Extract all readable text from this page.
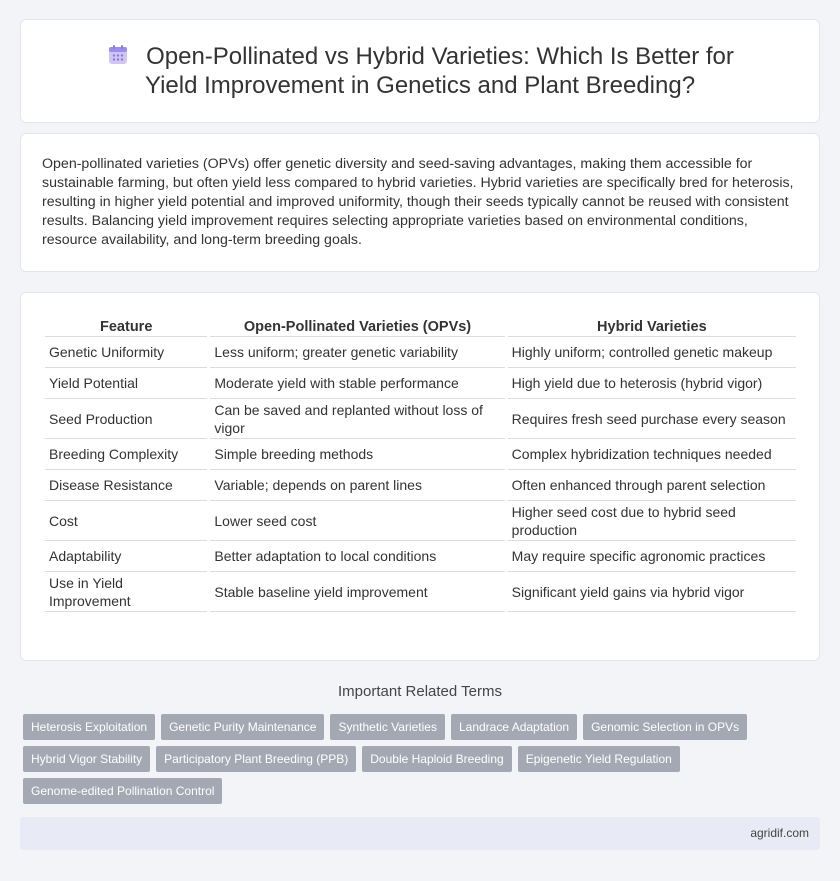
Open-Pollinated vs Hybrid Varieties: Which Is Better for Yield Improvement in Genetics and Plant Breeding?

Open-pollinated varieties (OPVs) offer genetic diversity and seed-saving advantages, making them accessible for sustainable farming, but often yield less compared to hybrid varieties. Hybrid varieties are specifically bred for heterosis, resulting in higher yield potential and improved uniformity, though their seeds typically cannot be reused with consistent results. Balancing yield improvement requires selecting appropriate varieties based on environmental conditions, resource availability, and long-term breeding goals.

Feature	Open-Pollinated Varieties (OPVs)	Hybrid Varieties
Genetic Uniformity	Less uniform; greater genetic variability	Highly uniform; controlled genetic makeup
Yield Potential	Moderate yield with stable performance	High yield due to heterosis (hybrid vigor)
Seed Production	Can be saved and replanted without loss of vigor	Requires fresh seed purchase every season
Breeding Complexity	Simple breeding methods	Complex hybridization techniques needed
Disease Resistance	Variable; depends on parent lines	Often enhanced through parent selection
Cost	Lower seed cost	Higher seed cost due to hybrid seed production
Adaptability	Better adaptation to local conditions	May require specific agronomic practices
Use in Yield Improvement	Stable baseline yield improvement	Significant yield gains via hybrid vigor
Important Related Terms
Heterosis Exploitation	Genetic Purity Maintenance	Synthetic Varieties	Landrace Adaptation	Genomic Selection in OPVs
Hybrid Vigor Stability	Participatory Plant Breeding (PPB)	Double Haploid Breeding	Epigenetic Yield Regulation
Genome-edited Pollination Control
agridif.com
